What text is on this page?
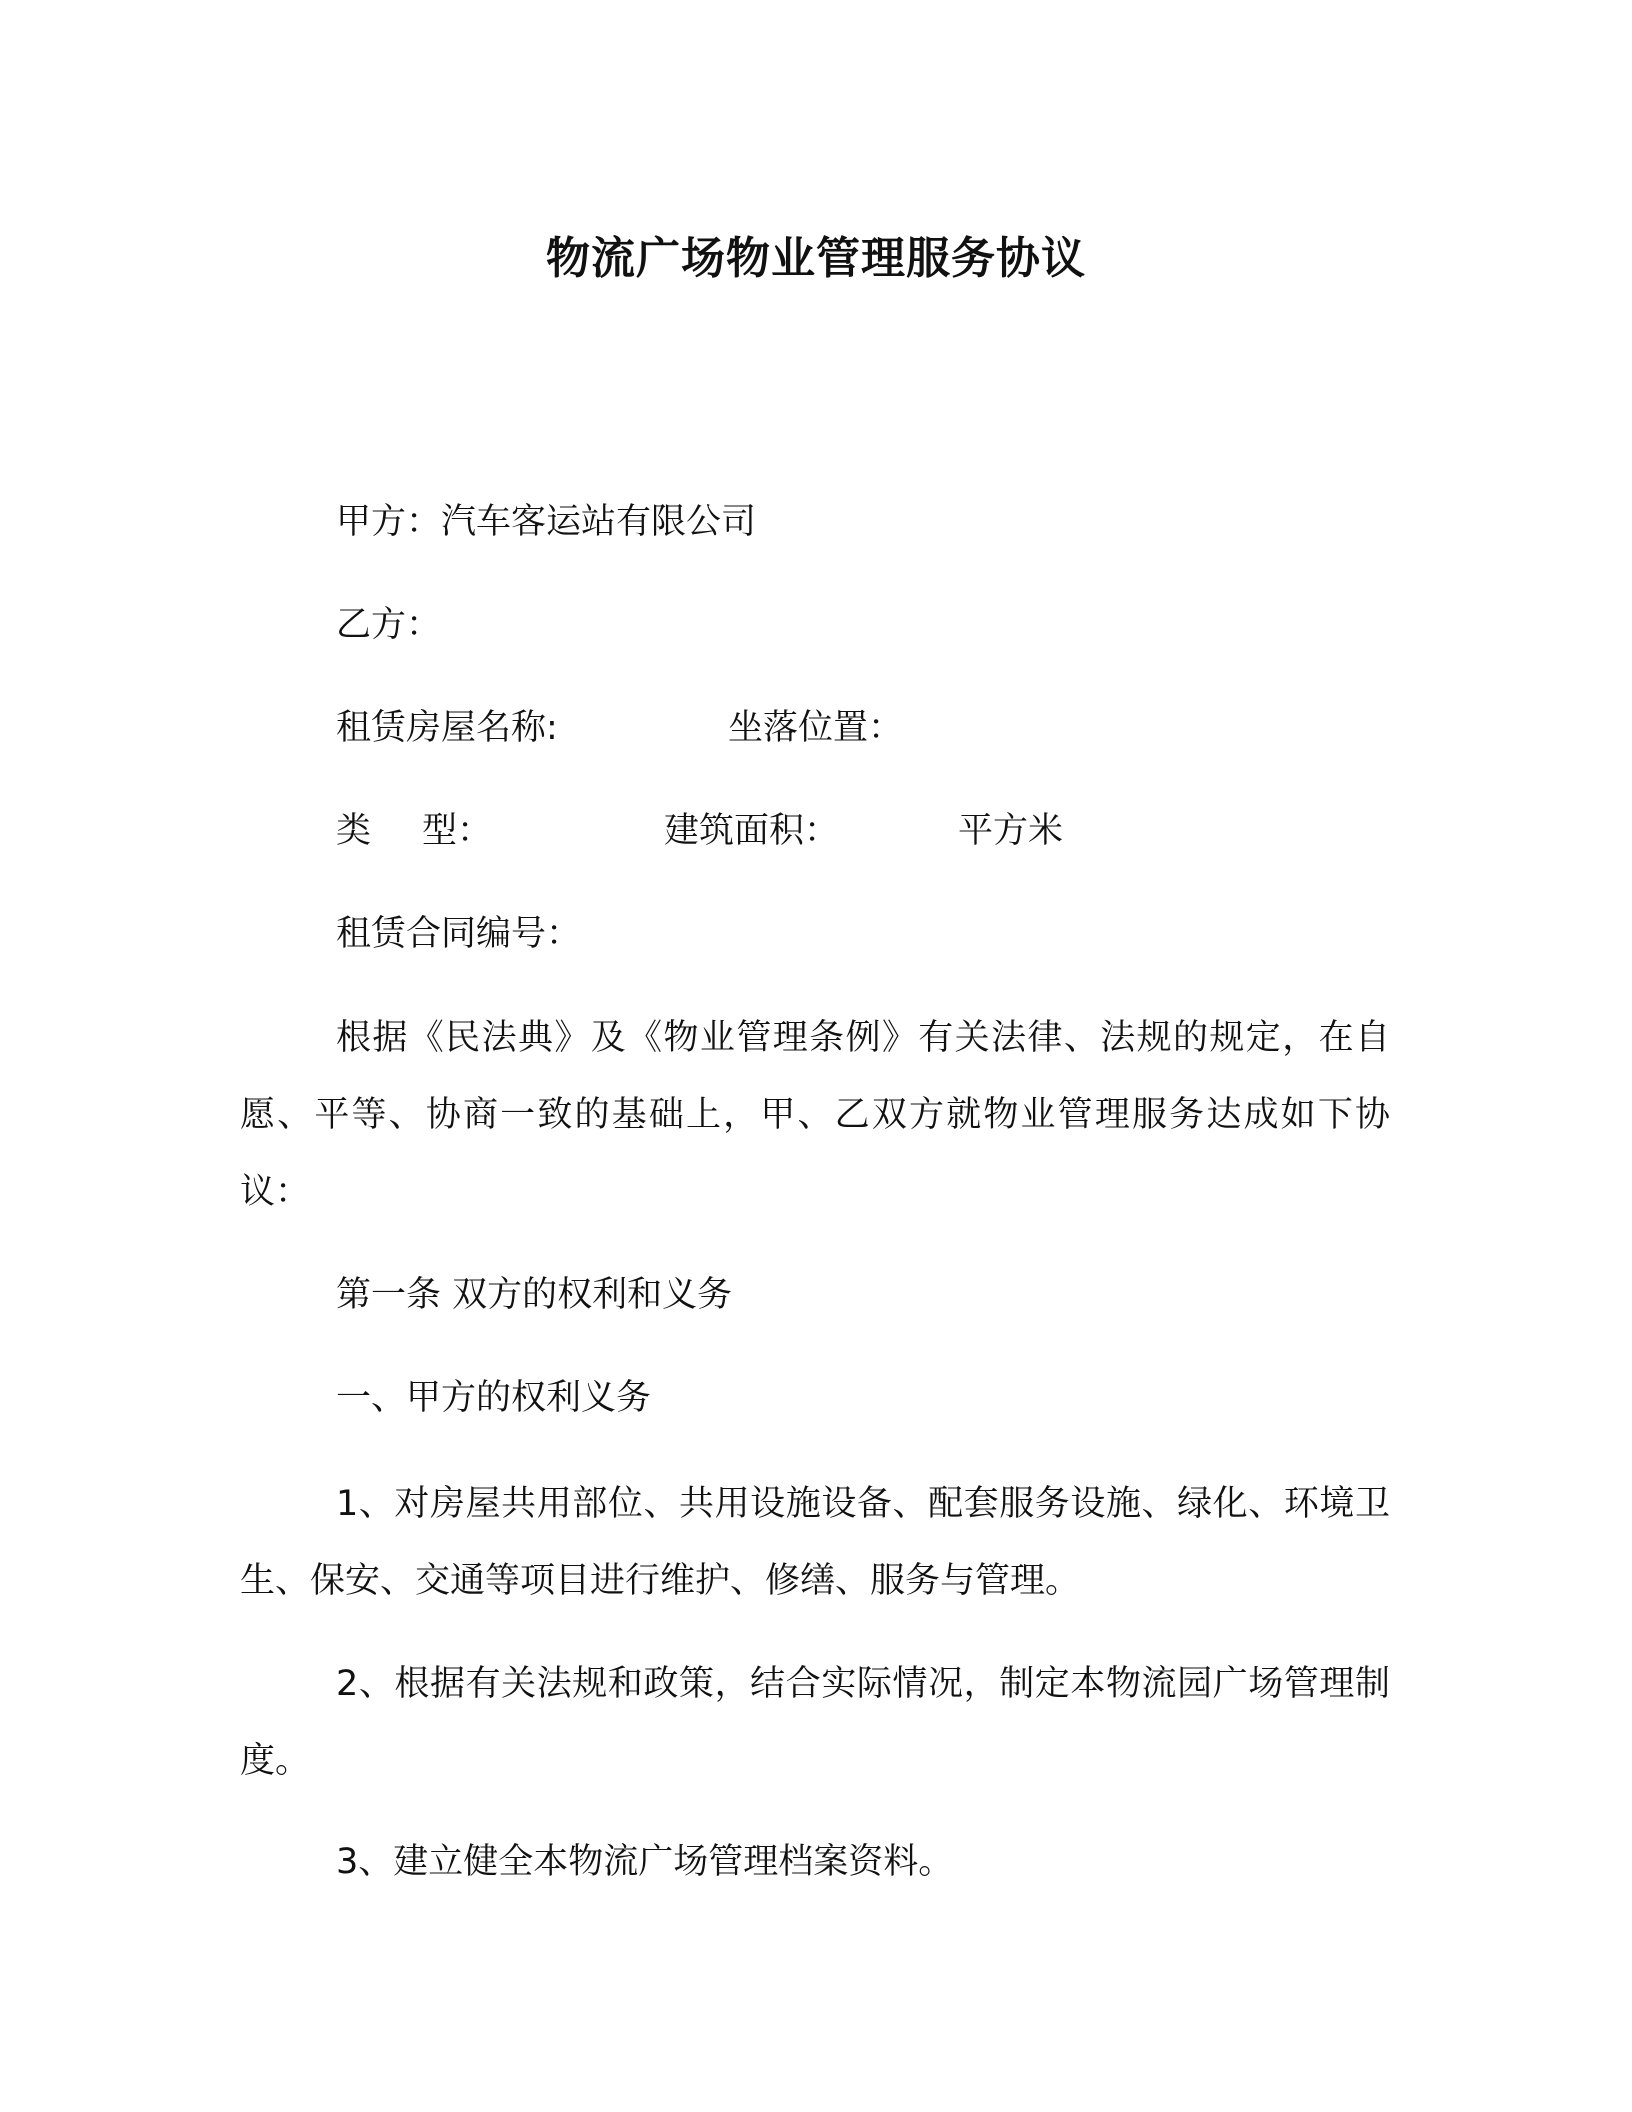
物流广场物业管理服务协议

甲方：汽车客运站有限公司

乙方：

租赁房屋名称:	坐落位置：

类 型：	建筑面积：	平方米

租赁合同编号：

根据《民法典》及《物业管理条例》有关法律、法规的规定，在自愿、平等、协商一致的基础上，甲、乙双方就物业管理服务达成如下协议：

第一条 双方的权利和义务

一、甲方的权利义务

1、对房屋共用部位、共用设施设备、配套服务设施、绿化、环境卫生、保安、交通等项目进行维护、修缮、服务与管理。

2、根据有关法规和政策，结合实际情况，制定本物流园广场管理制度。

3、建立健全本物流广场管理档案资料。
